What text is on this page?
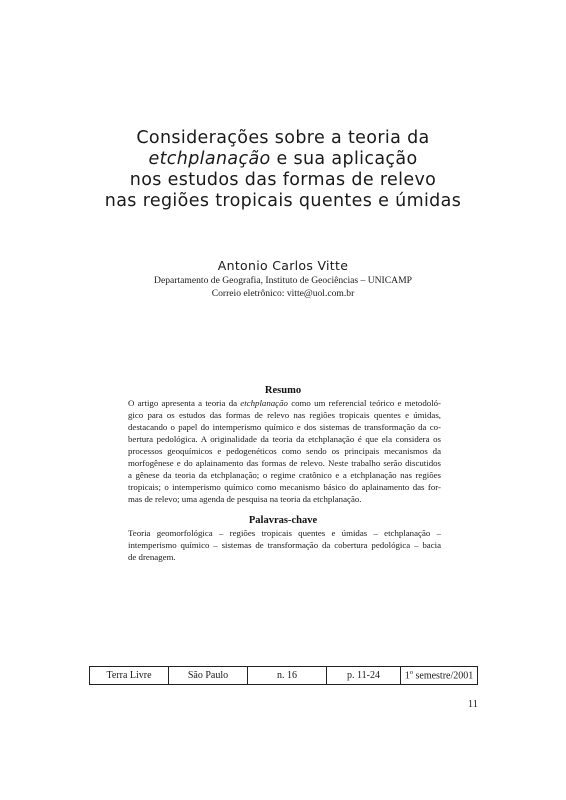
Considerações sobre a teoria da
etchplanação e sua aplicação
nos estudos das formas de relevo
nas regiões tropicais quentes e úmidas
Antonio Carlos Vitte
Departamento de Geografia, Instituto de Geociências – UNICAMP
Correio eletrônico: vitte@uol.com.br
Resumo
O artigo apresenta a teoria da etchplanação como um referencial teórico e metodoló-
gico para os estudos das formas de relevo nas regiões tropicais quentes e úmidas,
destacando o papel do intemperismo químico e dos sistemas de transformação da co-
bertura pedológica. A originalidade da teoria da etchplanação é que ela considera os
processos geoquímicos e pedogenéticos como sendo os principais mecanismos da
morfogênese e do aplainamento das formas de relevo. Neste trabalho serão discutidos
a gênese da teoria da etchplanação; o regime cratônico e a etchplanação nas regiões
tropicais; o intemperismo químico como mecanismo básico do aplainamento das for-
mas de relevo; uma agenda de pesquisa na teoria da etchplanação.
Palavras-chave
Teoria geomorfológica – regiões tropicais quentes e úmidas – etchplanação –
intemperismo químico – sistemas de transformação da cobertura pedológica – bacia
de drenagem.
Terra Livre	São Paulo	n. 16	p. 11-24	1$^o$ semestre/2001
11
